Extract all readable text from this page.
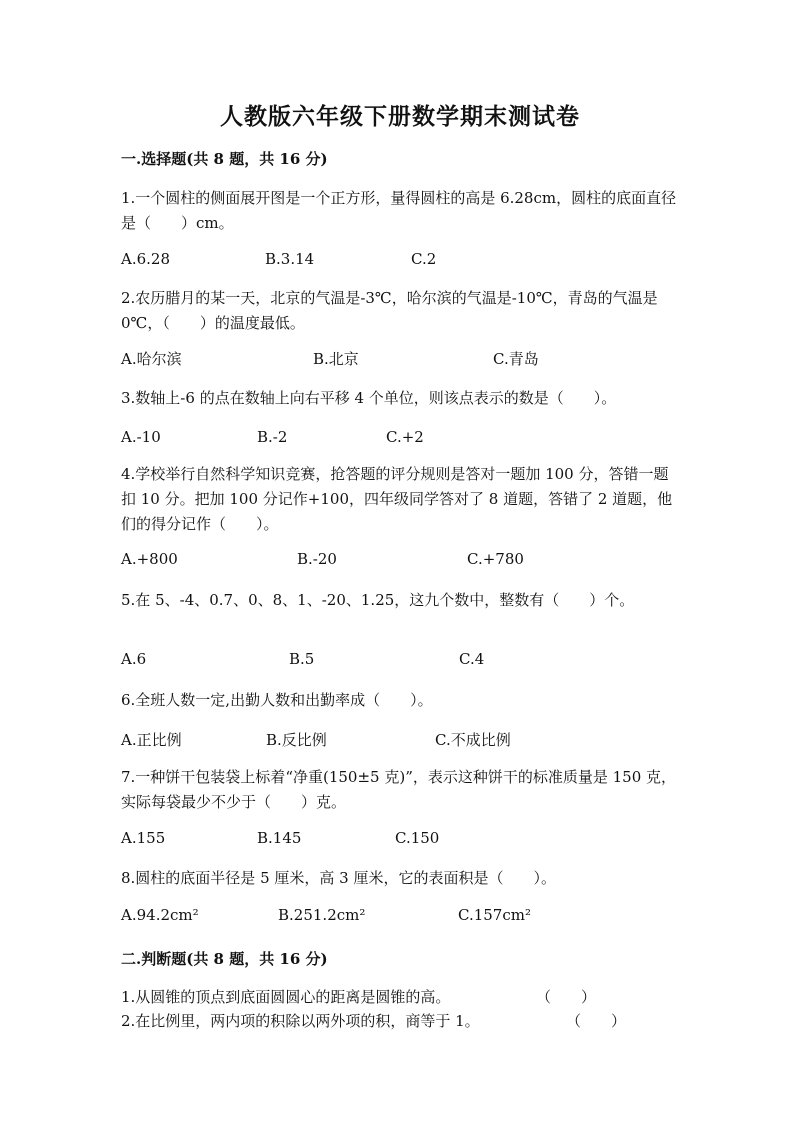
人教版六年级下册数学期末测试卷
一.选择题(共 8 题，共 16 分)
1.一个圆柱的侧面展开图是一个正方形，量得圆柱的高是 6.28cm，圆柱的底面直径是（　　）cm。
A.6.28	B.3.14	C.2
2.农历腊月的某一天，北京的气温是-3℃，哈尔滨的气温是-10℃，青岛的气温是 0℃，（　　）的温度最低。
A.哈尔滨	B.北京	C.青岛
3.数轴上-6 的点在数轴上向右平移 4 个单位，则该点表示的数是（　　）。
A.-10	B.-2	C.+2
4.学校举行自然科学知识竞赛，抢答题的评分规则是答对一题加 100 分，答错一题扣 10 分。把加 100 分记作+100，四年级同学答对了 8 道题，答错了 2 道题，他们的得分记作（　　）。
A.+800	B.-20	C.+780
5.在 5、-4、0.7、0、8、1、-20、1.25，这九个数中，整数有（　　）个。
A.6	B.5	C.4
6.全班人数一定,出勤人数和出勤率成（　　）。
A.正比例	B.反比例	C.不成比例
7.一种饼干包装袋上标着“净重(150±5 克)”，表示这种饼干的标准质量是 150 克，实际每袋最少不少于（　　）克。
A.155	B.145	C.150
8.圆柱的底面半径是 5 厘米，高 3 厘米，它的表面积是（　　）。
A.94.2cm²	B.251.2cm²	C.157cm²
二.判断题(共 8 题，共 16 分)
1.从圆锥的顶点到底面圆圆心的距离是圆锥的高。	（　　）
2.在比例里，两内项的积除以两外项的积，商等于 1。	（　　）
